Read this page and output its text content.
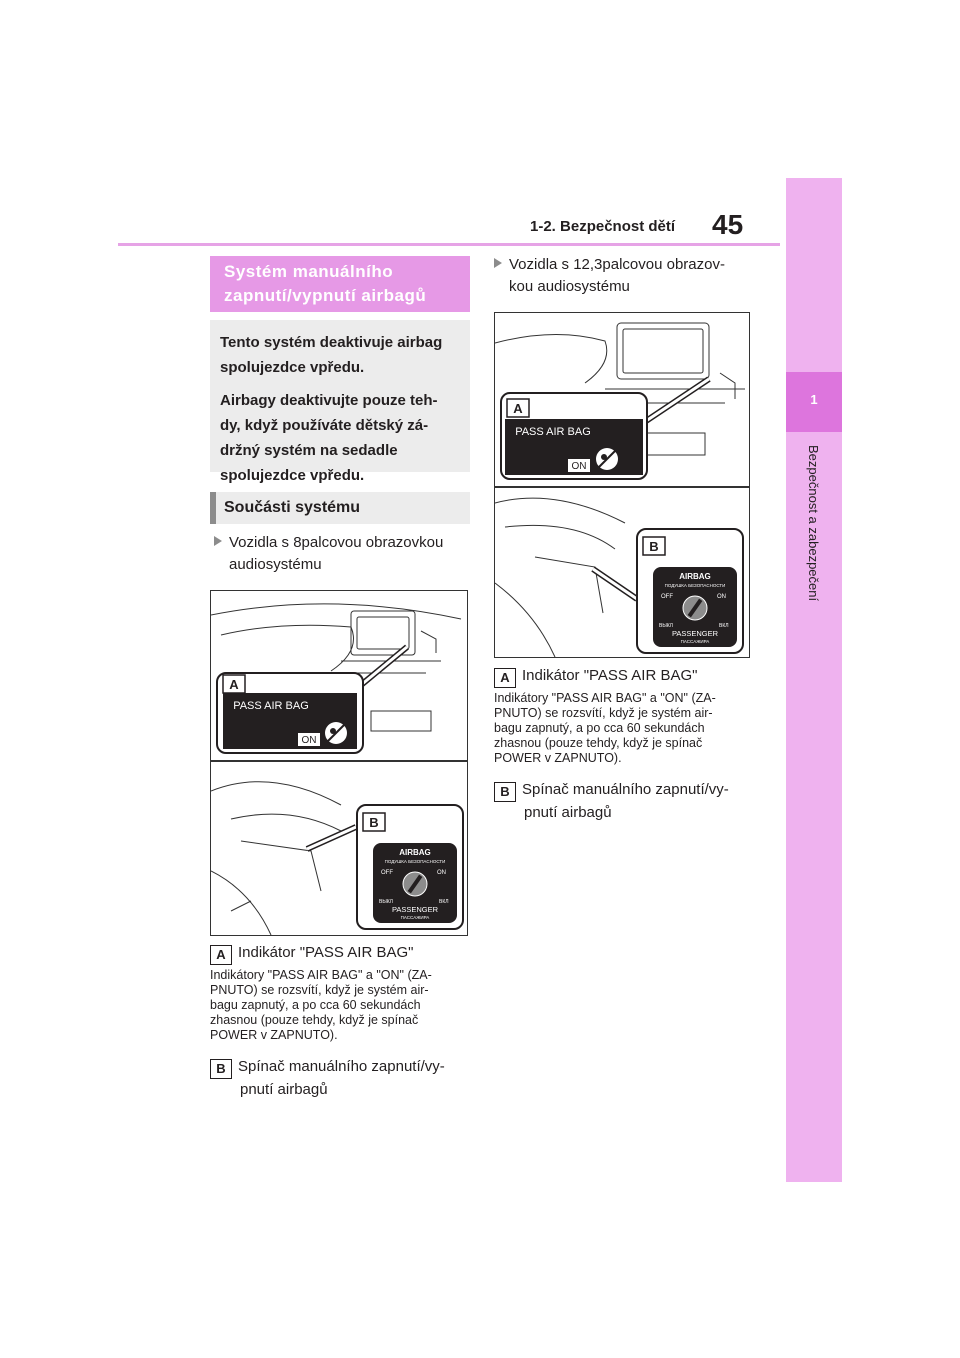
1-2. Bezpečnost dětí 45
1
Bezpečnost a zabezpečení
Systém manuálního
zapnutí/vypnutí airbagů

Tento systém deaktivuje airbag
spolujezdce vpředu.

Airbagy deaktivujte pouze teh-
dy, když používáte dětský zá-
držný systém na sedadle
spolujezdce vpředu.

Součásti systému
Vozidla s 8palcovou obrazovkou
audiosystému
A
PASS AIR BAG
ON
B
AIRBAG
ПОДУШКА БЕЗОПАСНОСТИ
OFF	ON
ВЫКЛ	ВКЛ
PASSENGER
ПАССАЖИРА
A Indikátor "PASS AIR BAG"
Indikátory "PASS AIR BAG" a "ON" (ZA-
PNUTO) se rozsvítí, když je systém air-
bagu zapnutý, a po cca 60 sekundách
zhasnou (pouze tehdy, když je spínač
POWER v ZAPNUTO).
B Spínač manuálního zapnutí/vy-
pnutí airbagů
Vozidla s 12,3palcovou obrazov-
kou audiosystému
A
PASS AIR BAG
ON
B
AIRBAG
ПОДУШКА БЕЗОПАСНОСТИ
OFF	ON
ВЫКЛ	ВКЛ
PASSENGER
ПАССАЖИРА
A Indikátor "PASS AIR BAG"
Indikátory "PASS AIR BAG" a "ON" (ZA-
PNUTO) se rozsvítí, když je systém air-
bagu zapnutý, a po cca 60 sekundách
zhasnou (pouze tehdy, když je spínač
POWER v ZAPNUTO).
B Spínač manuálního zapnutí/vy-
pnutí airbagů
